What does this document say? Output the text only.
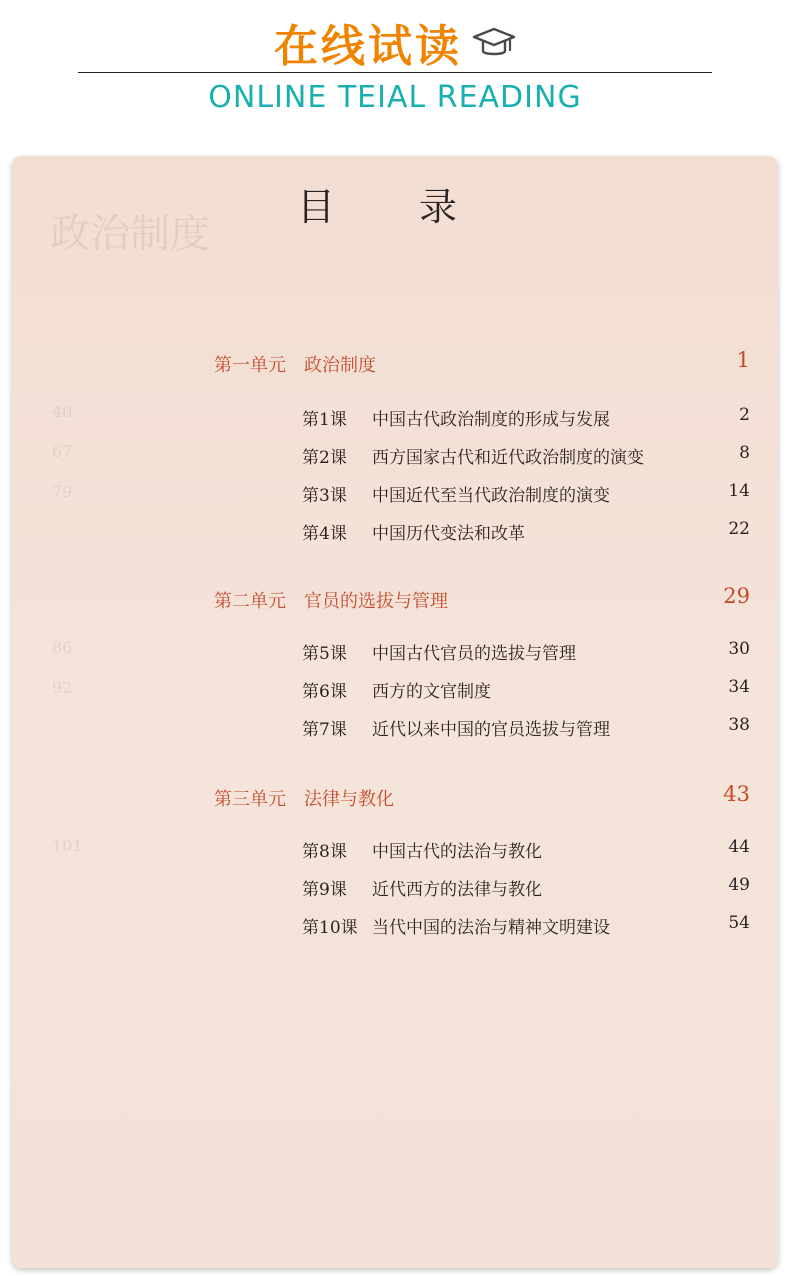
在线试读
ONLINE TEIAL READING
政治制度
40
67
79
86
92
101
目 录
第一单元 政治制度	1
第1课 中国古代政治制度的形成与发展	2
第2课 西方国家古代和近代政治制度的演变	8
第3课 中国近代至当代政治制度的演变	14
第4课 中国历代变法和改革	22
第二单元 官员的选拔与管理	29
第5课 中国古代官员的选拔与管理	30
第6课 西方的文官制度	34
第7课 近代以来中国的官员选拔与管理	38
第三单元 法律与教化	43
第8课 中国古代的法治与教化	44
第9课 近代西方的法律与教化	49
第10课 当代中国的法治与精神文明建设	54
